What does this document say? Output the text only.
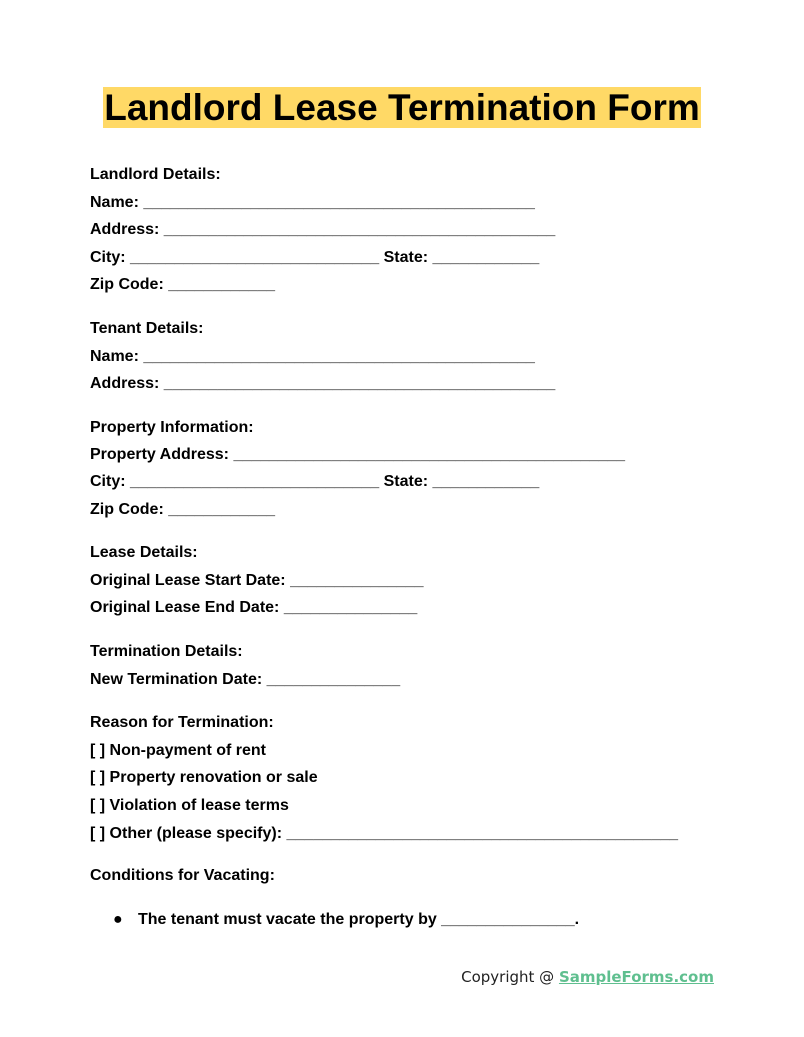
Landlord Lease Termination Form
Landlord Details:
Name: ____________________________________________
Address: ____________________________________________
City: ____________________________ State: ____________
Zip Code: ____________
Tenant Details:
Name: ____________________________________________
Address: ____________________________________________
Property Information:
Property Address: ____________________________________________
City: ____________________________ State: ____________
Zip Code: ____________
Lease Details:
Original Lease Start Date: _______________
Original Lease End Date: _______________
Termination Details:
New Termination Date: _______________
Reason for Termination:
[ ] Non-payment of rent
[ ] Property renovation or sale
[ ] Violation of lease terms
[ ] Other (please specify): ____________________________________________
Conditions for Vacating:
● The tenant must vacate the property by _______________.
Copyright @ SampleForms.com
